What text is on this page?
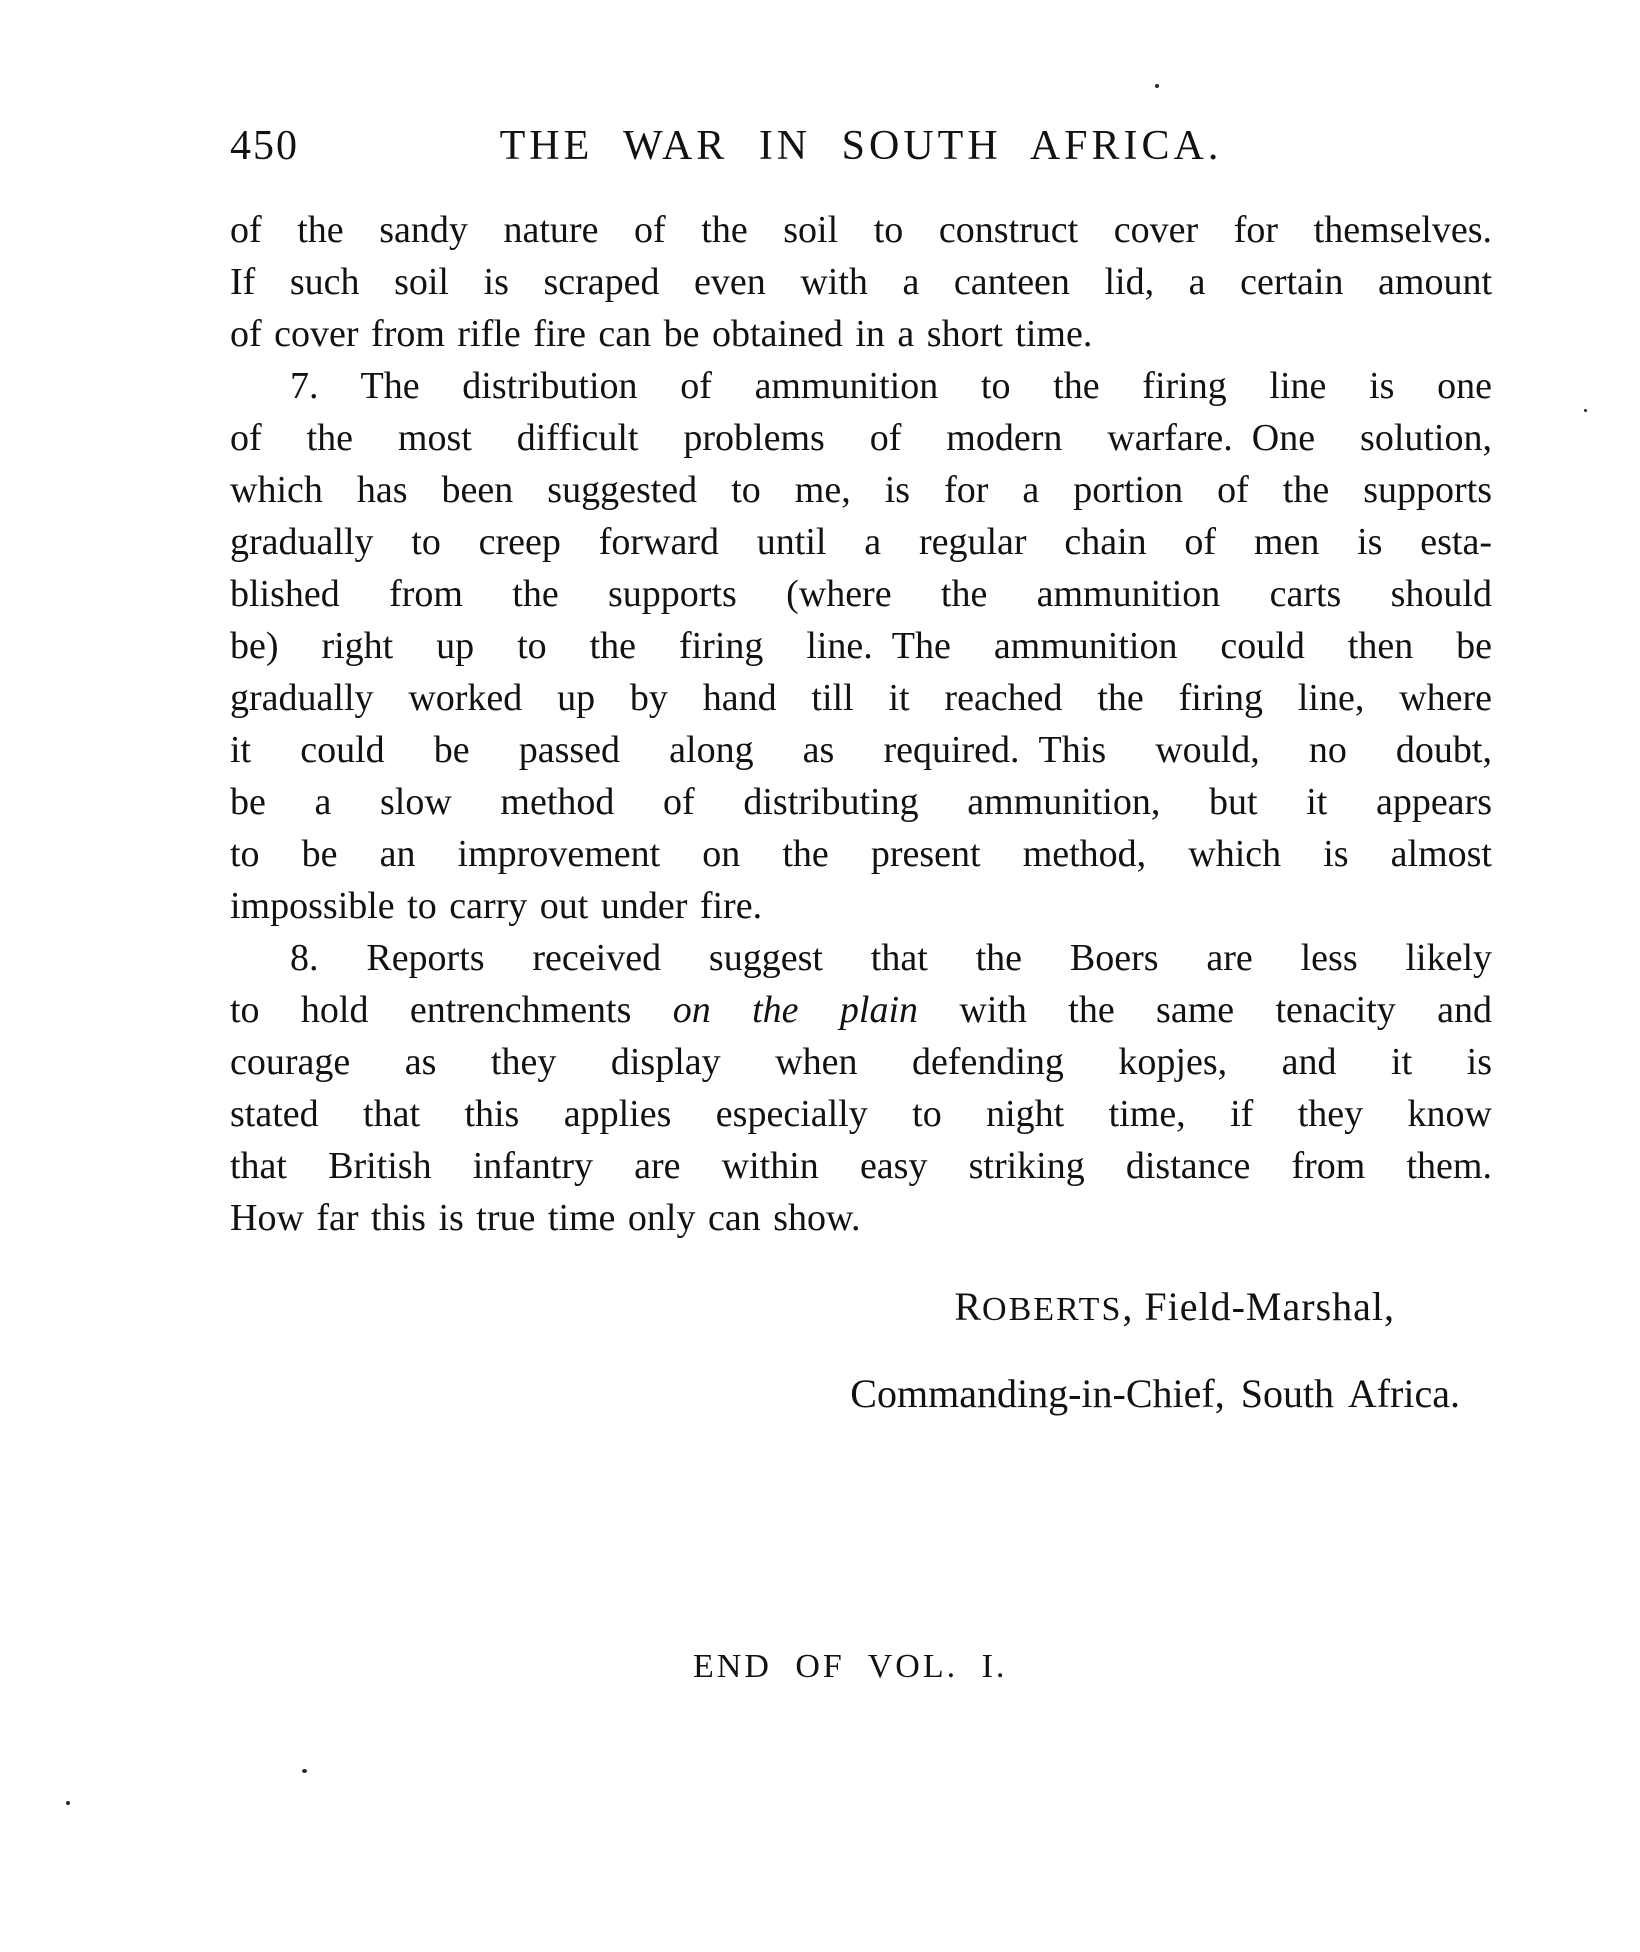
450	THE WAR IN SOUTH AFRICA.
of the sandy nature of the soil to construct cover for themselves.
If such soil is scraped even with a canteen lid, a certain amount
of cover from rifle fire can be obtained in a short time.
7. The distribution of ammunition to the firing line is one
of the most difficult problems of modern warfare. One solution,
which has been suggested to me, is for a portion of the supports
gradually to creep forward until a regular chain of men is esta-
blished from the supports (where the ammunition carts should
be) right up to the firing line. The ammunition could then be
gradually worked up by hand till it reached the firing line, where
it could be passed along as required. This would, no doubt,
be a slow method of distributing ammunition, but it appears
to be an improvement on the present method, which is almost
impossible to carry out under fire.
8. Reports received suggest that the Boers are less likely
to hold entrenchments on the plain with the same tenacity and
courage as they display when defending kopjes, and it is
stated that this applies especially to night time, if they know
that British infantry are within easy striking distance from them.
How far this is true time only can show.
ROBERTS, Field-Marshal,
Commanding-in-Chief, South Africa.
END OF VOL. I.
